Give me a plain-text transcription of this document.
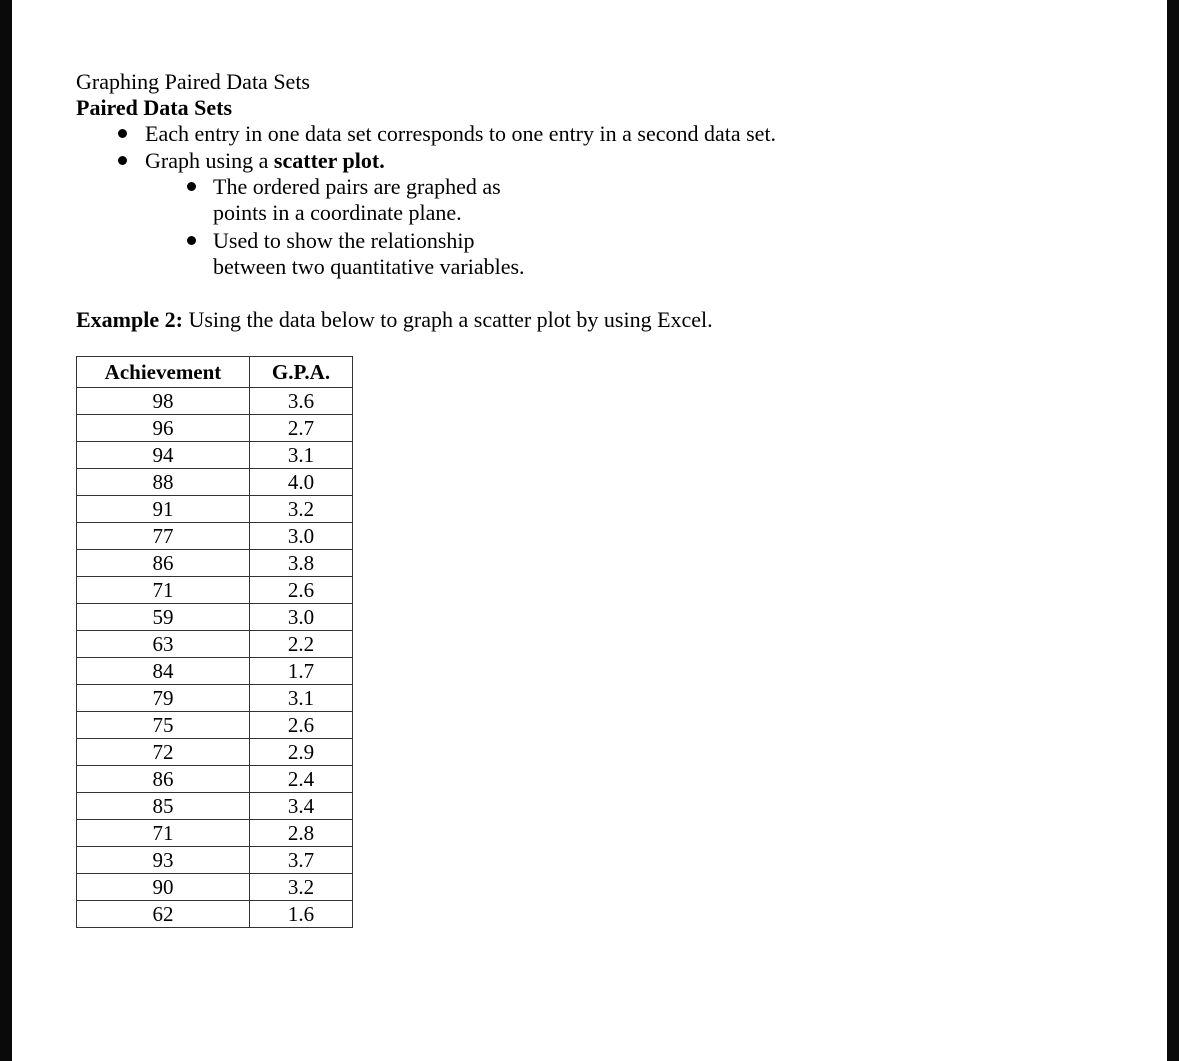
Graphing Paired Data Sets
Paired Data Sets
Each entry in one data set corresponds to one entry in a second data set.
Graph using a scatter plot.
The ordered pairs are graphed as
points in a coordinate plane.
Used to show the relationship
between two quantitative variables.
Example 2: Using the data below to graph a scatter plot by using Excel.
Achievement	G.P.A.
98	3.6
96	2.7
94	3.1
88	4.0
91	3.2
77	3.0
86	3.8
71	2.6
59	3.0
63	2.2
84	1.7
79	3.1
75	2.6
72	2.9
86	2.4
85	3.4
71	2.8
93	3.7
90	3.2
62	1.6
